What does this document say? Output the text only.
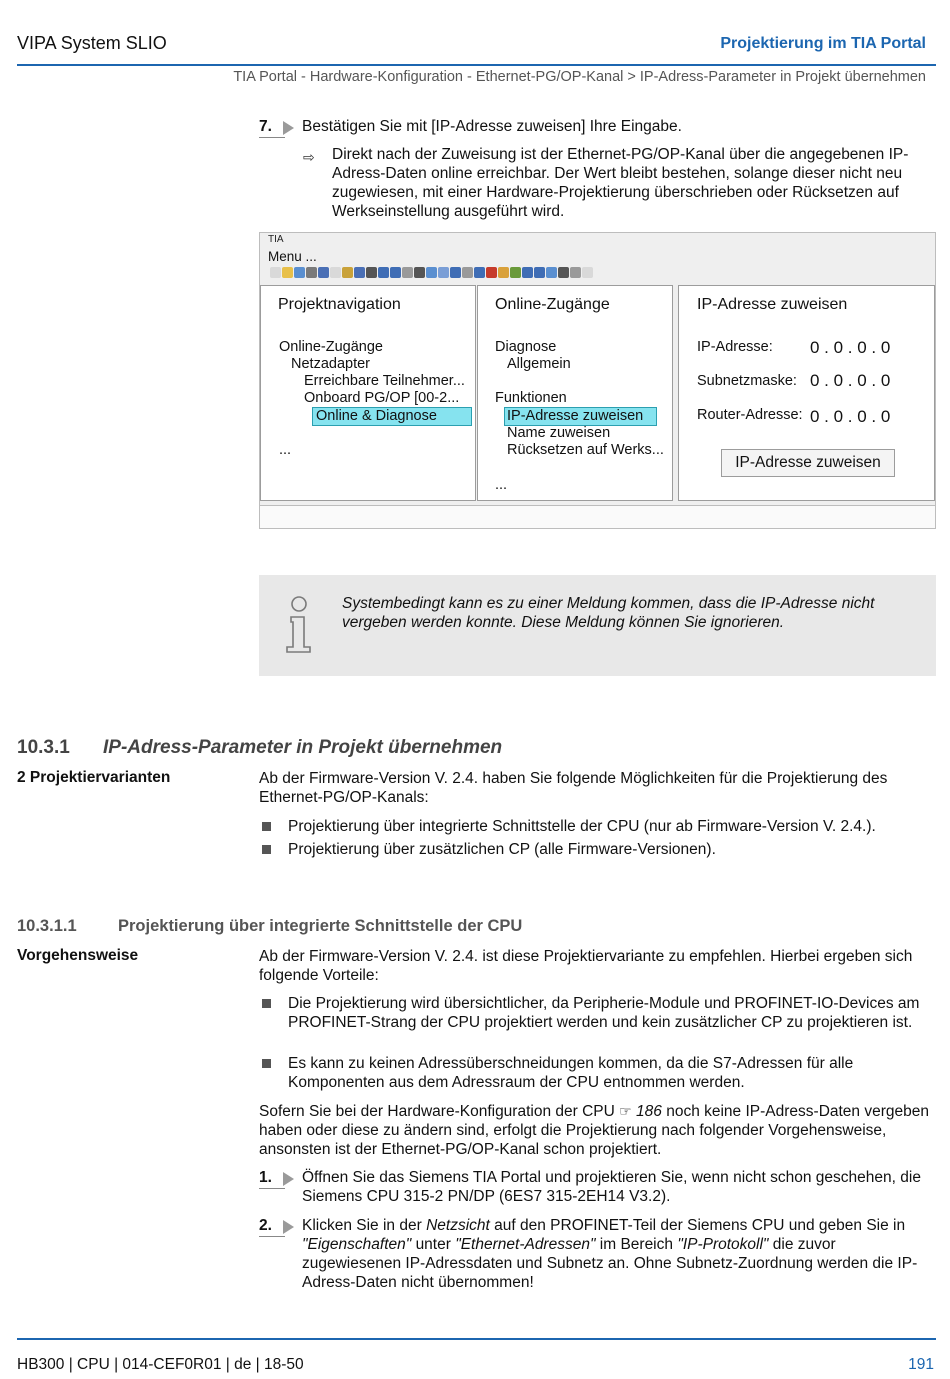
VIPA System SLIO	Projektierung im TIA Portal
TIA Portal - Hardware-Konfiguration - Ethernet-PG/OP-Kanal > IP-Adress-Parameter in Projekt übernehmen
7.	Bestätigen Sie mit [IP-Adresse zuweisen] Ihre Eingabe.
⇨ Direkt nach der Zuweisung ist der Ethernet-PG/OP-Kanal über die angegebenen IP-Adress-Daten online erreichbar. Der Wert bleibt bestehen, solange dieser nicht neu zugewiesen, mit einer Hardware-Projektierung überschrieben oder Rücksetzen auf Werkseinstellung ausgeführt wird.
TIA
Menu ...
Projektnavigation
Online-Zugänge
Netzadapter
Erreichbare Teilnehmer...
Onboard PG/OP [00-2...
Online & Diagnose
...
Online-Zugänge
Diagnose
Allgemein
Funktionen
IP-Adresse zuweisen
Name zuweisen
Rücksetzen auf Werks...
...
IP-Adresse zuweisen
IP-Adresse: 0 . 0 . 0 . 0
Subnetzmaske: 0 . 0 . 0 . 0
Router-Adresse: 0 . 0 . 0 . 0
IP-Adresse zuweisen
Systembedingt kann es zu einer Meldung kommen, dass die IP-Adresse nicht vergeben werden konnte. Diese Meldung können Sie ignorieren.
10.3.1 IP-Adress-Parameter in Projekt übernehmen
2 Projektiervarianten	Ab der Firmware-Version V. 2.4. haben Sie folgende Möglichkeiten für die Projektierung des Ethernet-PG/OP-Kanals:
Projektierung über integrierte Schnittstelle der CPU (nur ab Firmware-Version V. 2.4.).
Projektierung über zusätzlichen CP (alle Firmware-Versionen).
10.3.1.1	Projektierung über integrierte Schnittstelle der CPU
Vorgehensweise	Ab der Firmware-Version V. 2.4. ist diese Projektiervariante zu empfehlen. Hierbei ergeben sich folgende Vorteile:
Die Projektierung wird übersichtlicher, da Peripherie-Module und PROFINET-IO-Devices am PROFINET-Strang der CPU projektiert werden und kein zusätzlicher CP zu projektieren ist.
Es kann zu keinen Adressüberschneidungen kommen, da die S7-Adressen für alle Komponenten aus dem Adressraum der CPU entnommen werden.
Sofern Sie bei der Hardware-Konfiguration der CPU ☞ 186 noch keine IP-Adress-Daten vergeben haben oder diese zu ändern sind, erfolgt die Projektierung nach folgender Vorgehensweise, ansonsten ist der Ethernet-PG/OP-Kanal schon projektiert.
1.	Öffnen Sie das Siemens TIA Portal und projektieren Sie, wenn nicht schon geschehen, die Siemens CPU 315-2 PN/DP (6ES7 315-2EH14 V3.2).
2.	Klicken Sie in der Netzsicht auf den PROFINET-Teil der Siemens CPU und geben Sie in "Eigenschaften" unter "Ethernet-Adressen" im Bereich "IP-Protokoll" die zuvor zugewiesenen IP-Adressdaten und Subnetz an. Ohne Subnetz-Zuordnung werden die IP-Adress-Daten nicht übernommen!
HB300 | CPU | 014-CEF0R01 | de | 18-50	191
